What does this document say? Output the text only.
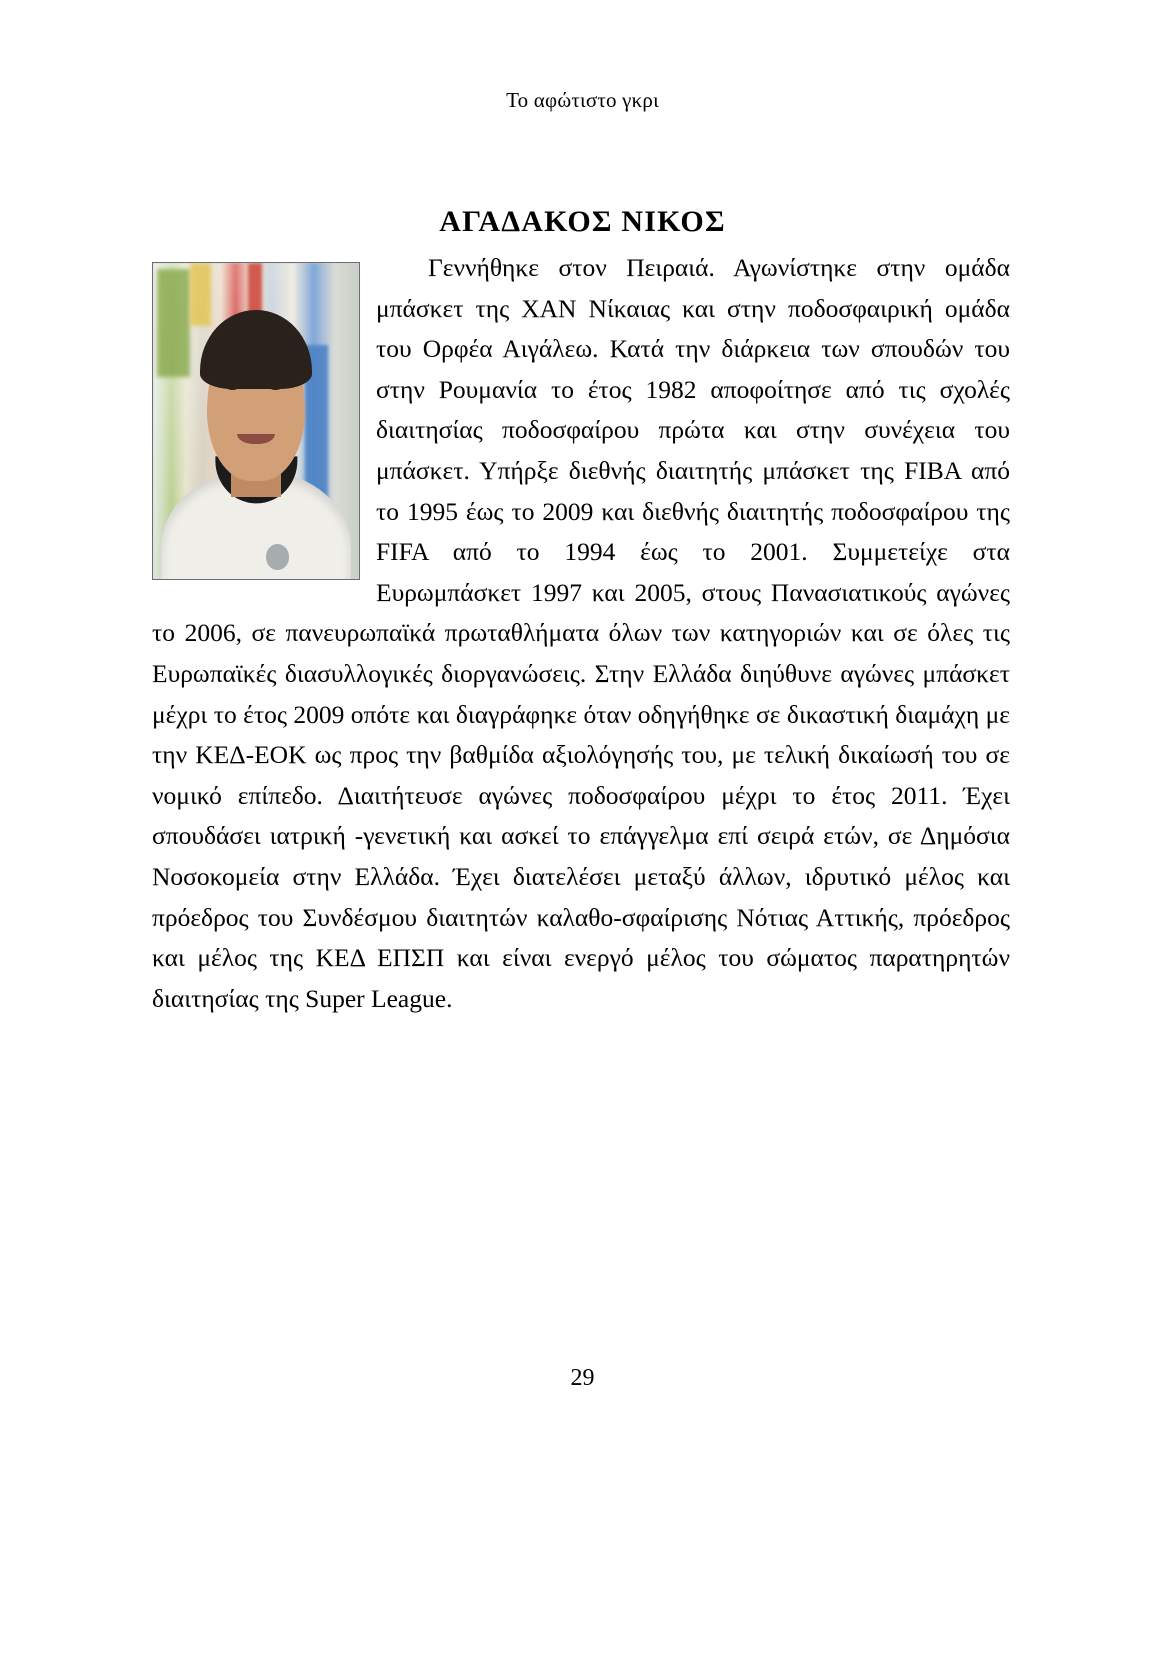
Το αφώτιστο γκρι
ΑΓΑΔΑΚΟΣ ΝΙΚΟΣ

Γεννήθηκε στον Πειραιά. Αγωνίστηκε στην ομάδα μπάσκετ της ΧΑΝ Νίκαιας και στην ποδοσφαιρική ομάδα του Ορφέα Αιγάλεω. Κατά την διάρκεια των σπουδών του στην Ρουμανία το έτος 1982 αποφοίτησε από τις σχολές διαιτησίας ποδοσφαίρου πρώτα και στην συνέχεια του μπάσκετ. Υπήρξε διεθνής διαιτητής μπάσκετ της FIBA από το 1995 έως το 2009 και διεθνής διαιτητής ποδοσφαίρου της FIFA από το 1994 έως το 2001. Συμμετείχε στα Ευρωμπάσκετ 1997 και 2005, στους Πανασιατικούς αγώνες το 2006, σε πανευρωπαϊκά πρωταθλήματα όλων των κατηγοριών και σε όλες τις Ευρωπαϊκές διασυλλογικές διοργανώσεις. Στην Ελλάδα διηύθυνε αγώνες μπάσκετ μέχρι το έτος 2009 οπότε και διαγράφηκε όταν οδηγήθηκε σε δικαστική διαμάχη με την ΚΕΔ-ΕΟΚ ως προς την βαθμίδα αξιολόγησής του, με τελική δικαίωσή του σε νομικό επίπεδο. Διαιτήτευσε αγώνες ποδοσφαίρου μέχρι το έτος 2011. Έχει σπουδάσει ιατρική -γενετική και ασκεί το επάγγελμα επί σειρά ετών, σε Δημόσια Νοσοκομεία στην Ελλάδα. Έχει διατελέσει μεταξύ άλλων, ιδρυτικό μέλος και πρόεδρος του Συνδέσμου διαιτητών καλαθο-σφαίρισης Νότιας Αττικής, πρόεδρος και μέλος της ΚΕΔ ΕΠΣΠ και είναι ενεργό μέλος του σώματος παρατηρητών διαιτησίας της Super League.

29
